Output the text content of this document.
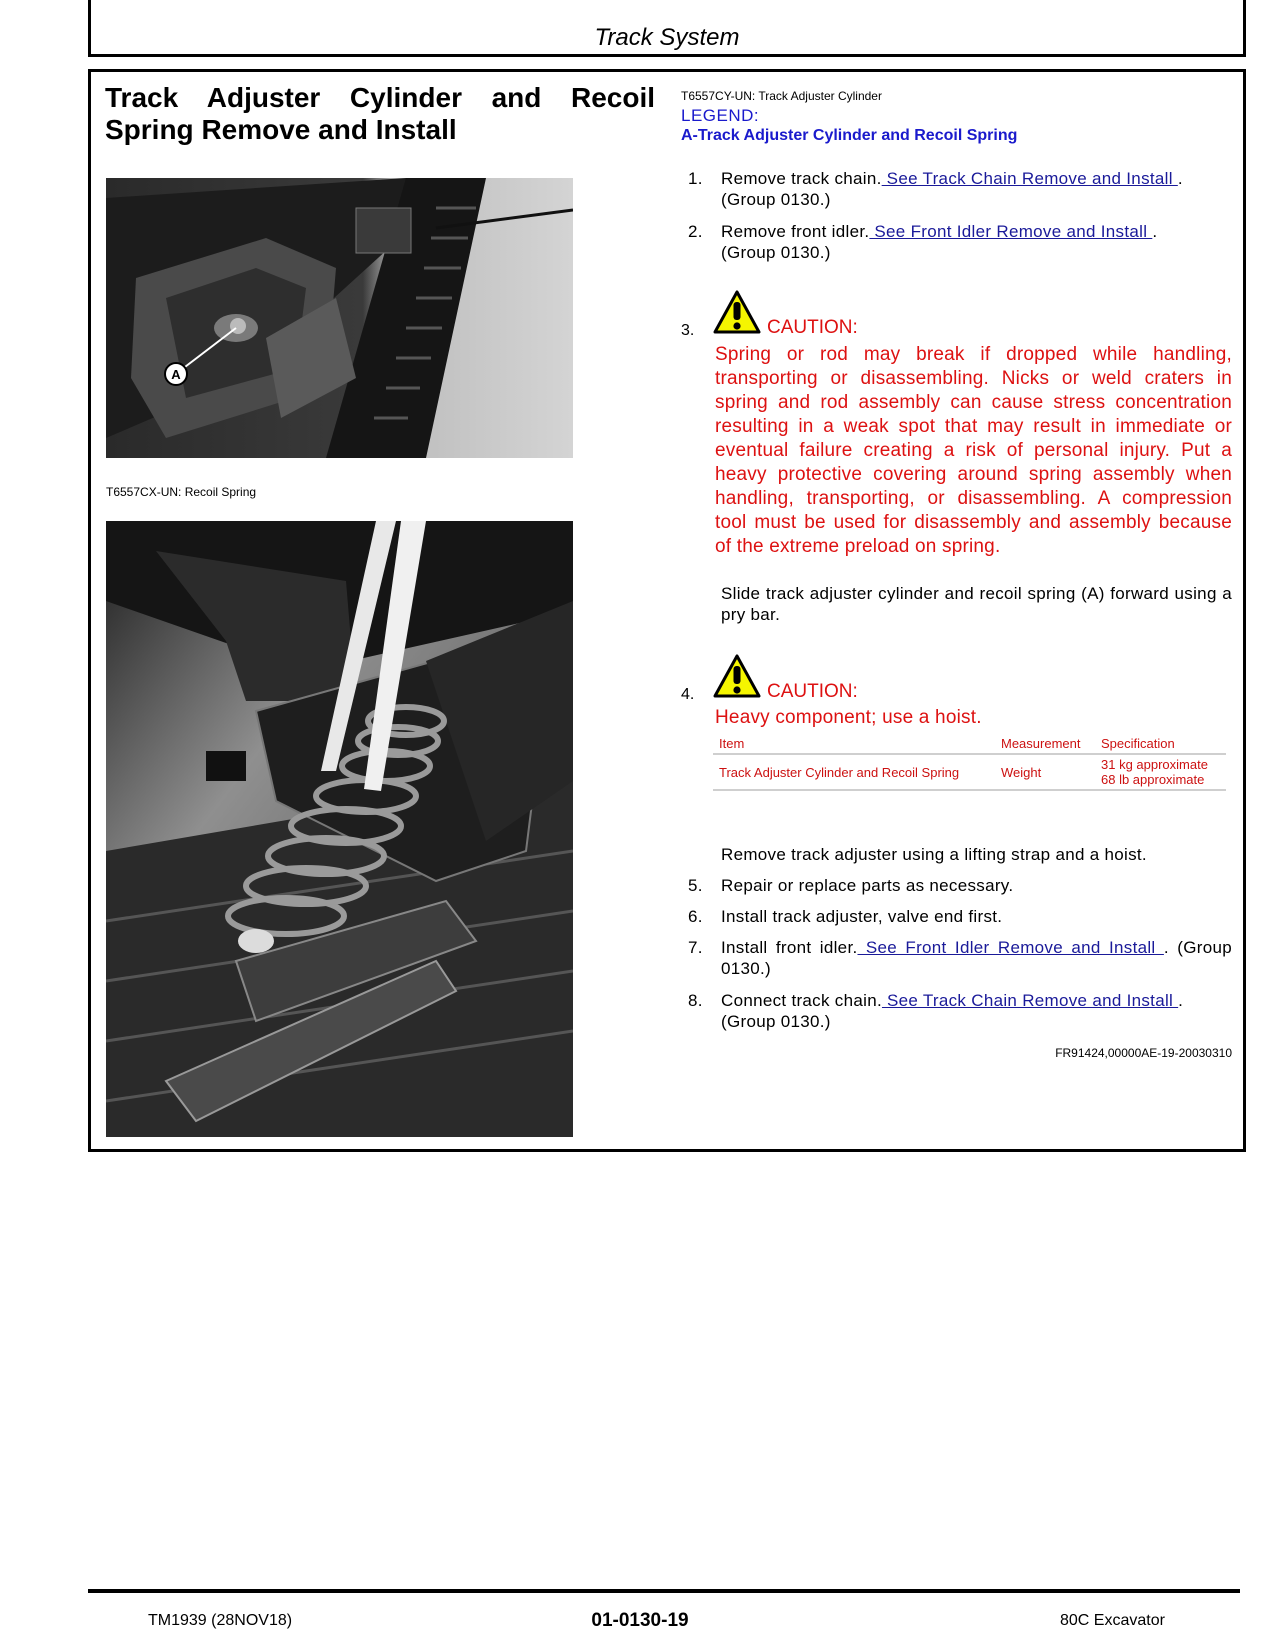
Track System
Track Adjuster Cylinder and Recoil Spring Remove and Install
A
T6557CX-UN: Recoil Spring
T6557CY-UN: Track Adjuster Cylinder
LEGEND:
A-Track Adjuster Cylinder and Recoil Spring
1.	Remove track chain. See Track Chain Remove and Install .
(Group 0130.)
2.	Remove front idler. See Front Idler Remove and Install .
(Group 0130.)
3.	CAUTION:
Spring or rod may break if dropped while handling, transporting or disassembling. Nicks or weld craters in spring and rod assembly can cause stress concentration resulting in a weak spot that may result in immediate or eventual failure creating a risk of personal injury. Put a heavy protective covering around spring assembly when handling, transporting, or disassembling. A compression tool must be used for disassembly and assembly because of the extreme preload on spring.
Slide track adjuster cylinder and recoil spring (A) forward using a pry bar.
4.	CAUTION:
Heavy component; use a hoist.
Item	Measurement	Specification
Track Adjuster Cylinder and Recoil Spring	Weight	31 kg approximate
68 lb approximate
Remove track adjuster using a lifting strap and a hoist.
5.	Repair or replace parts as necessary.
6.	Install track adjuster, valve end first.
7.	Install front idler. See Front Idler Remove and Install . (Group 0130.)
8.	Connect track chain. See Track Chain Remove and Install .
(Group 0130.)
FR91424,00000AE-19-20030310
TM1939 (28NOV18)	01-0130-19	80C Excavator
